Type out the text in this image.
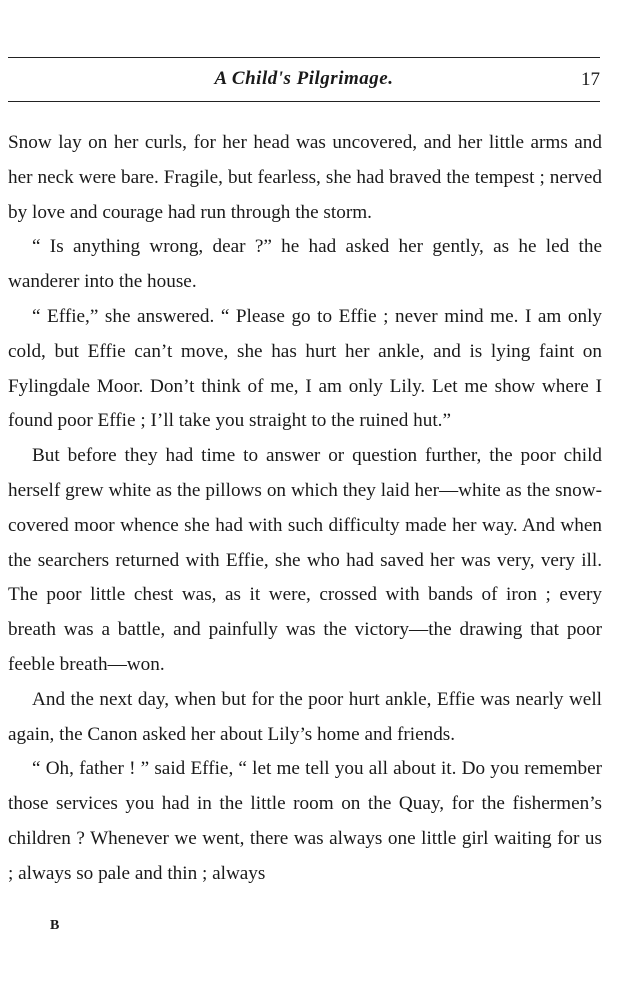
A Child's Pilgrimage.	17

Snow lay on her curls, for her head was uncovered, and her little arms and her neck were bare. Fragile, but fearless, she had braved the tempest ; nerved by love and courage had run through the storm.

“ Is anything wrong, dear ?” he had asked her gently, as he led the wanderer into the house.

“ Effie,” she answered. “ Please go to Effie ; never mind me. I am only cold, but Effie can’t move, she has hurt her ankle, and is lying faint on Fylingdale Moor. Don’t think of me, I am only Lily. Let me show where I found poor Effie ; I’ll take you straight to the ruined hut.”

But before they had time to answer or question further, the poor child herself grew white as the pillows on which they laid her—white as the snow-covered moor whence she had with such difficulty made her way. And when the searchers returned with Effie, she who had saved her was very, very ill. The poor little chest was, as it were, crossed with bands of iron ; every breath was a battle, and painfully was the victory—the drawing that poor feeble breath—won.

And the next day, when but for the poor hurt ankle, Effie was nearly well again, the Canon asked her about Lily’s home and friends.

“ Oh, father ! ” said Effie, “ let me tell you all about it. Do you remember those services you had in the little room on the Quay, for the fishermen’s children ? Whenever we went, there was always one little girl waiting for us ; always so pale and thin ; always

B
